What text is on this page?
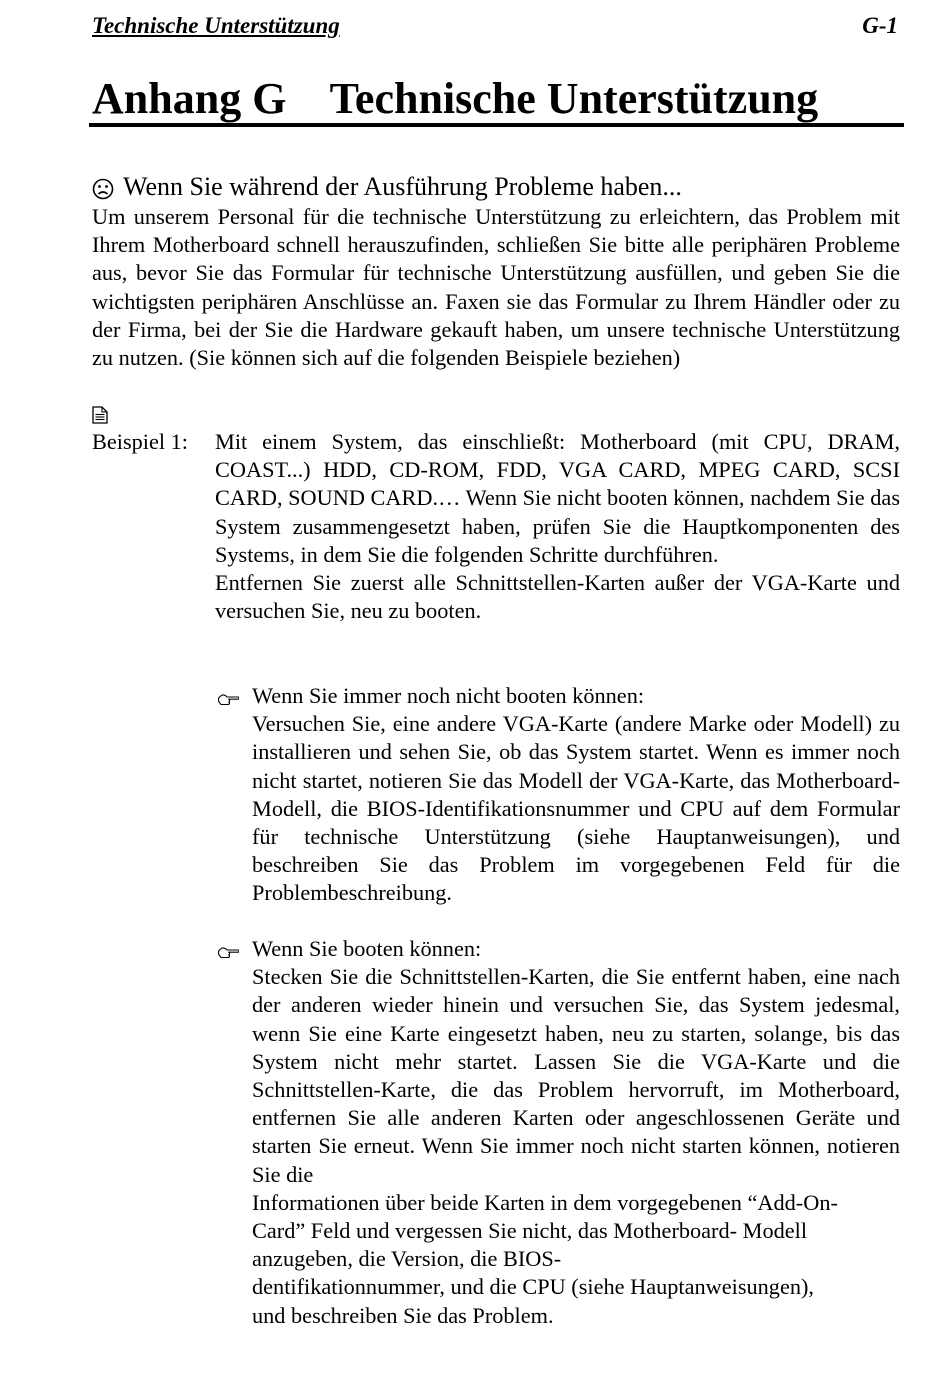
Technische Unterstützung	G-1
Anhang G    Technische Unterstützung
Wenn Sie während der Ausführung Probleme haben...

Um unserem Personal für die technische Unterstützung zu erleichtern, das Problem mit Ihrem Motherboard schnell herauszufinden, schließen Sie bitte alle periphären Probleme aus, bevor Sie das Formular für technische Unterstützung ausfüllen, und geben Sie die wichtigsten periphären Anschlüsse an. Faxen sie das Formular zu Ihrem Händler oder zu der Firma, bei der Sie die Hardware gekauft haben, um unsere technische Unterstützung zu nutzen. (Sie können sich auf die folgenden Beispiele beziehen)

Beispiel 1: Mit einem System, das einschließt: Motherboard (mit CPU, DRAM, COAST...) HDD, CD-ROM, FDD, VGA CARD, MPEG CARD, SCSI CARD, SOUND CARD.… Wenn Sie nicht booten können, nachdem Sie das System zusammengesetzt haben, prüfen Sie die Hauptkomponenten des Systems, in dem Sie die folgenden Schritte durchführen.

Entfernen Sie zuerst alle Schnittstellen-Karten außer der VGA-Karte und versuchen Sie, neu zu booten.

Wenn Sie immer noch nicht booten können:

Versuchen Sie, eine andere VGA-Karte (andere Marke oder Modell) zu installieren und sehen Sie, ob das System startet. Wenn es immer noch nicht startet, notieren Sie das Modell der VGA-Karte, das Motherboard-Modell, die BIOS-Identifikationsnummer und CPU auf dem Formular für technische Unterstützung (siehe Hauptanweisungen), und beschreiben Sie das Problem im vorgegebenen Feld für die Problembeschreibung.

Wenn Sie booten können:

Stecken Sie die Schnittstellen-Karten, die Sie entfernt haben, eine nach der anderen wieder hinein und versuchen Sie, das System jedesmal, wenn Sie eine Karte eingesetzt haben, neu zu starten, solange, bis das System nicht mehr startet. Lassen Sie die VGA-Karte und die Schnittstellen-Karte, die das Problem hervorruft, im Motherboard, entfernen Sie alle anderen Karten oder angeschlossenen Geräte und starten Sie erneut. Wenn Sie immer noch nicht starten können, notieren Sie die

Informationen über beide Karten in dem vorgegebenen “Add-On-

Card” Feld und vergessen Sie nicht, das Motherboard- Modell

anzugeben, die Version, die BIOS-

dentifikationnummer, und die CPU (siehe Hauptanweisungen),

und beschreiben Sie das Problem.
